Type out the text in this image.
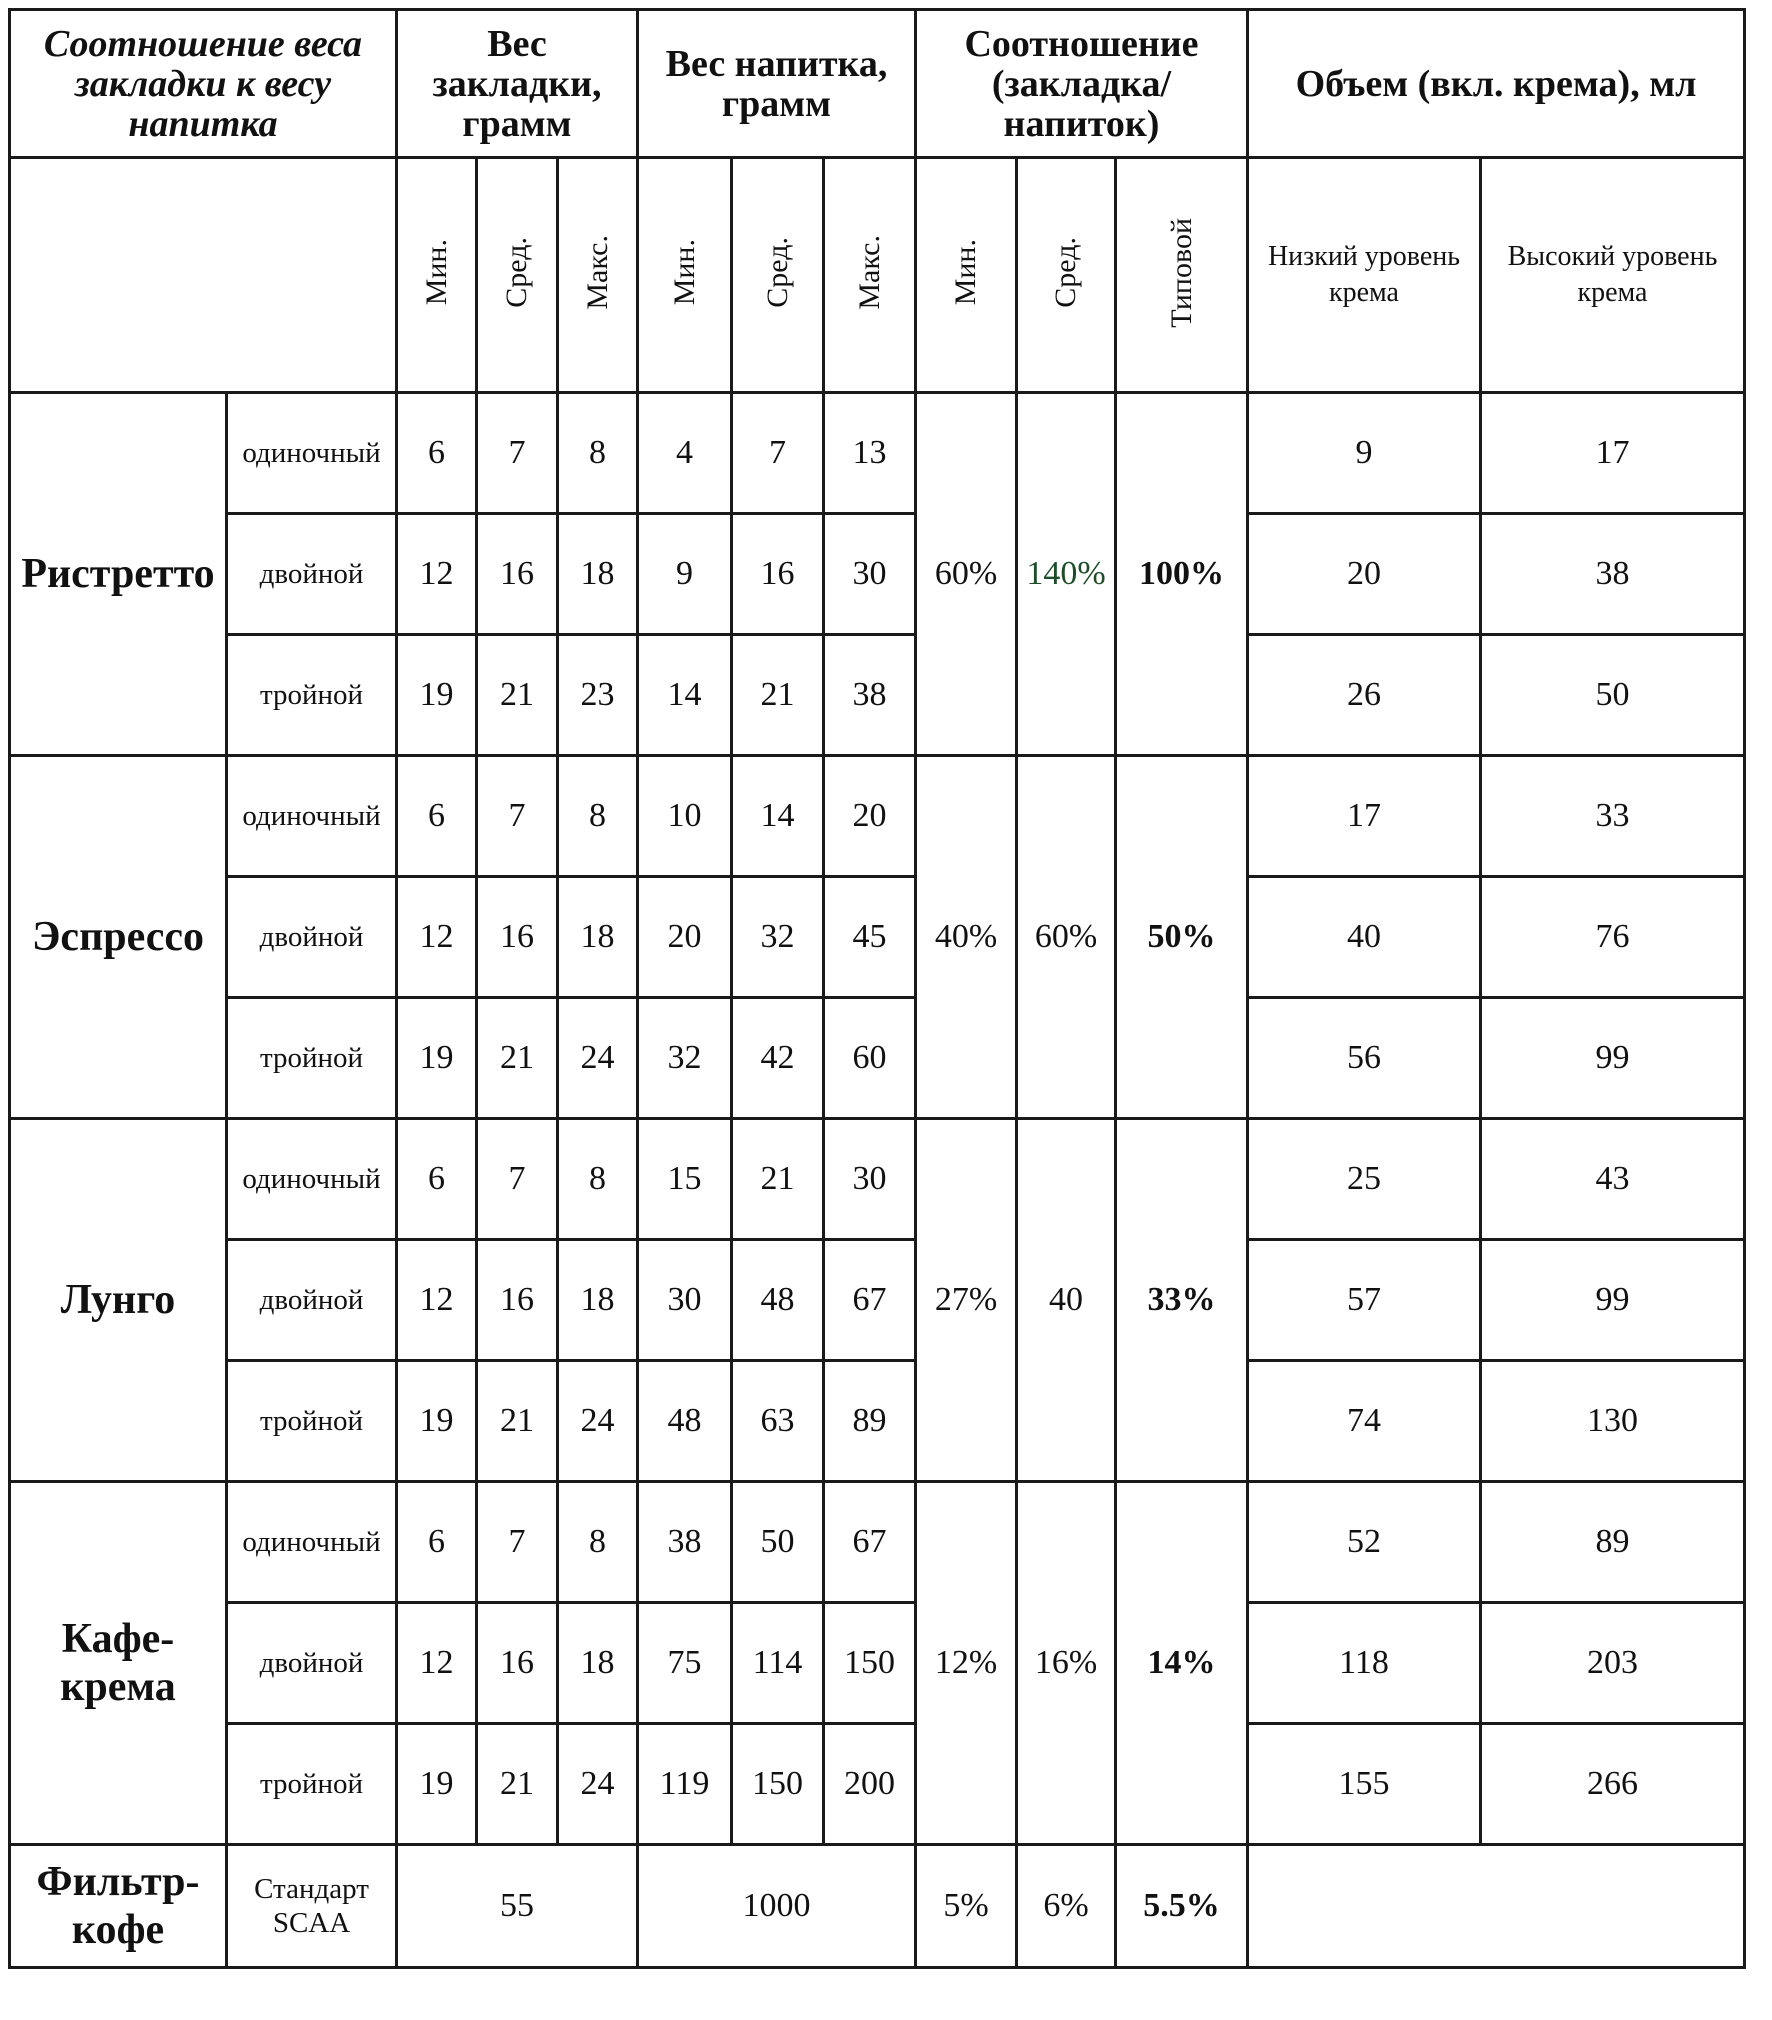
Соотношение веса закладки к весу напитка		Вес закладки, грамм			Вес напитка, грамм			Соотношение (закладка/ напиток)			Объем (вкл. крема), мл	
		Мин.	Сред.	Макс.	Мин.	Сред.	Макс.	Мин.	Сред.	Типовой	Низкий уровень крема	Высокий уровень крема
Ристретто	одиночный	6	7	8	4	7	13	60%	140%	100%	9	17
	двойной	12	16	18	9	16	30				20	38
	тройной	19	21	23	14	21	38				26	50
Эспрессо	одиночный	6	7	8	10	14	20	40%	60%	50%	17	33
	двойной	12	16	18	20	32	45				40	76
	тройной	19	21	24	32	42	60				56	99
Лунго	одиночный	6	7	8	15	21	30	27%	40	33%	25	43
	двойной	12	16	18	30	48	67				57	99
	тройной	19	21	24	48	63	89				74	130
Кафе-крема	одиночный	6	7	8	38	50	67	12%	16%	14%	52	89
	двойной	12	16	18	75	114	150				118	203
	тройной	19	21	24	119	150	200				155	266
Фильтр-кофе	Стандарт SCAA	55			1000			5%	6%	5.5%		
